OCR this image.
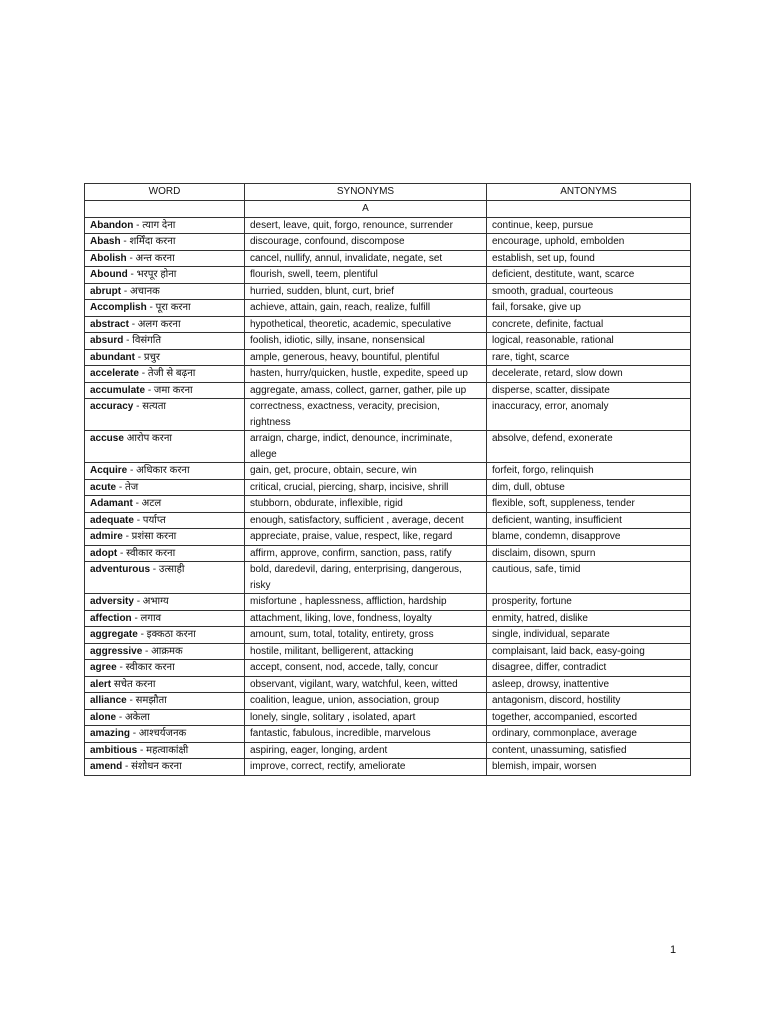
WORD	SYNONYMS	ANTONYMS
	A	
Abandon - त्याग देना	desert, leave, quit, forgo, renounce, surrender	continue, keep, pursue
Abash - शर्मिंदा करना	discourage, confound, discompose	encourage, uphold, embolden
Abolish - अन्त करना	cancel, nullify, annul, invalidate, negate, set	establish, set up, found
Abound - भरपूर होना	flourish, swell, teem, plentiful	deficient, destitute, want, scarce
abrupt - अचानक	hurried, sudden, blunt, curt, brief	smooth, gradual, courteous
Accomplish - पूरा करना	achieve, attain, gain, reach, realize, fulfill	fail, forsake, give up
abstract - अलग करना	hypothetical, theoretic, academic, speculative	concrete, definite, factual
absurd - विसंगति	foolish, idiotic, silly, insane, nonsensical	logical, reasonable, rational
abundant - प्रचुर	ample, generous, heavy, bountiful, plentiful	rare, tight, scarce
accelerate - तेजी से बढ़ना	hasten, hurry/quicken, hustle, expedite, speed up	decelerate, retard, slow down
accumulate - जमा करना	aggregate, amass, collect, garner, gather, pile up	disperse, scatter, dissipate
accuracy - सत्यता	correctness, exactness, veracity, precision, rightness	inaccuracy, error, anomaly
accuse आरोप करना	arraign, charge, indict, denounce, incriminate, allege	absolve, defend, exonerate
Acquire - अधिकार करना	gain, get, procure, obtain, secure, win	forfeit, forgo, relinquish
acute - तेज	critical, crucial, piercing, sharp, incisive, shrill	dim, dull, obtuse
Adamant - अटल	stubborn, obdurate, inflexible, rigid	flexible, soft, suppleness, tender
adequate - पर्याप्त	enough, satisfactory, sufficient , average, decent	deficient, wanting, insufficient
admire - प्रशंसा करना	appreciate, praise, value, respect, like, regard	blame, condemn, disapprove
adopt - स्वीकार करना	affirm, approve, confirm, sanction, pass, ratify	disclaim, disown, spurn
adventurous - उत्साही	bold, daredevil, daring, enterprising, dangerous, risky	cautious, safe, timid
adversity - अभाग्य	misfortune , haplessness, affliction, hardship	prosperity, fortune
affection - लगाव	attachment, liking, love, fondness, loyalty	enmity, hatred, dislike
aggregate - इक्कठा करना	amount, sum, total, totality, entirety, gross	single, individual, separate
aggressive - आक्रमक	hostile, militant, belligerent, attacking	complaisant, laid back, easy-going
agree - स्वीकार करना	accept, consent, nod, accede, tally, concur	disagree, differ, contradict
alert सचेत करना	observant, vigilant, wary, watchful, keen, witted	asleep, drowsy, inattentive
alliance - समझौता	coalition, league, union, association, group	antagonism, discord, hostility
alone - अकेला	lonely, single, solitary , isolated, apart	together, accompanied, escorted
amazing - आश्चर्यजनक	fantastic, fabulous, incredible, marvelous	ordinary, commonplace, average
ambitious - महत्वाकांक्षी	aspiring, eager, longing, ardent	content, unassuming, satisfied
amend - संशोधन करना	improve, correct, rectify, ameliorate	blemish, impair, worsen
1
